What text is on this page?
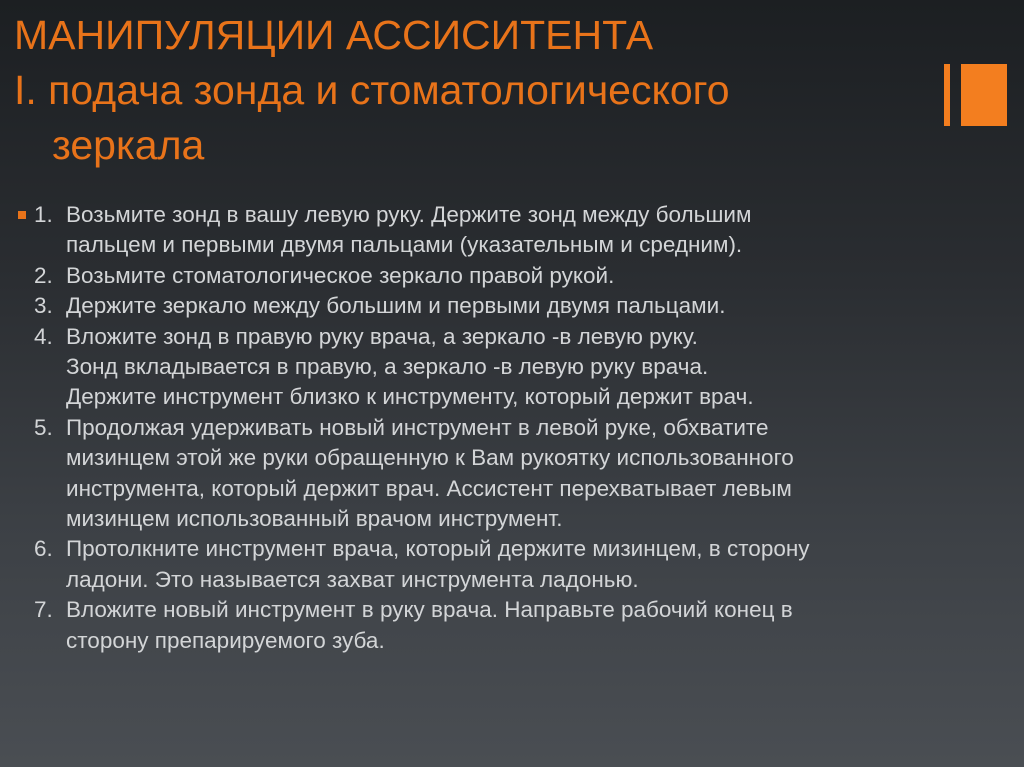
МАНИПУЛЯЦИИ АССИСИТЕНТА
I. подача зонда и стоматологического
зеркала
1. Возьмите зонд в вашу левую руку. Держите зонд между большим
пальцем и первыми двумя пальцами (указательным и средним).
2. Возьмите стоматологическое зеркало правой рукой.
3. Держите зеркало между большим и первыми двумя пальцами.
4. Вложите зонд в правую руку врача, а зеркало -в левую руку.
Зонд вкладывается в правую, а зеркало -в левую руку врача.
Держите инструмент близко к инструменту, который держит врач.
5. Продолжая удерживать новый инструмент в левой руке, обхватите
мизинцем этой же руки обращенную к Вам рукоятку использованного
инструмента, который держит врач. Ассистент перехватывает левым
мизинцем использованный врачом инструмент.
6. Протолкните инструмент врача, который держите мизинцем, в сторону
ладони. Это называется захват инструмента ладонью.
7. Вложите новый инструмент в руку врача. Направьте рабочий конец в
сторону препарируемого зуба.
